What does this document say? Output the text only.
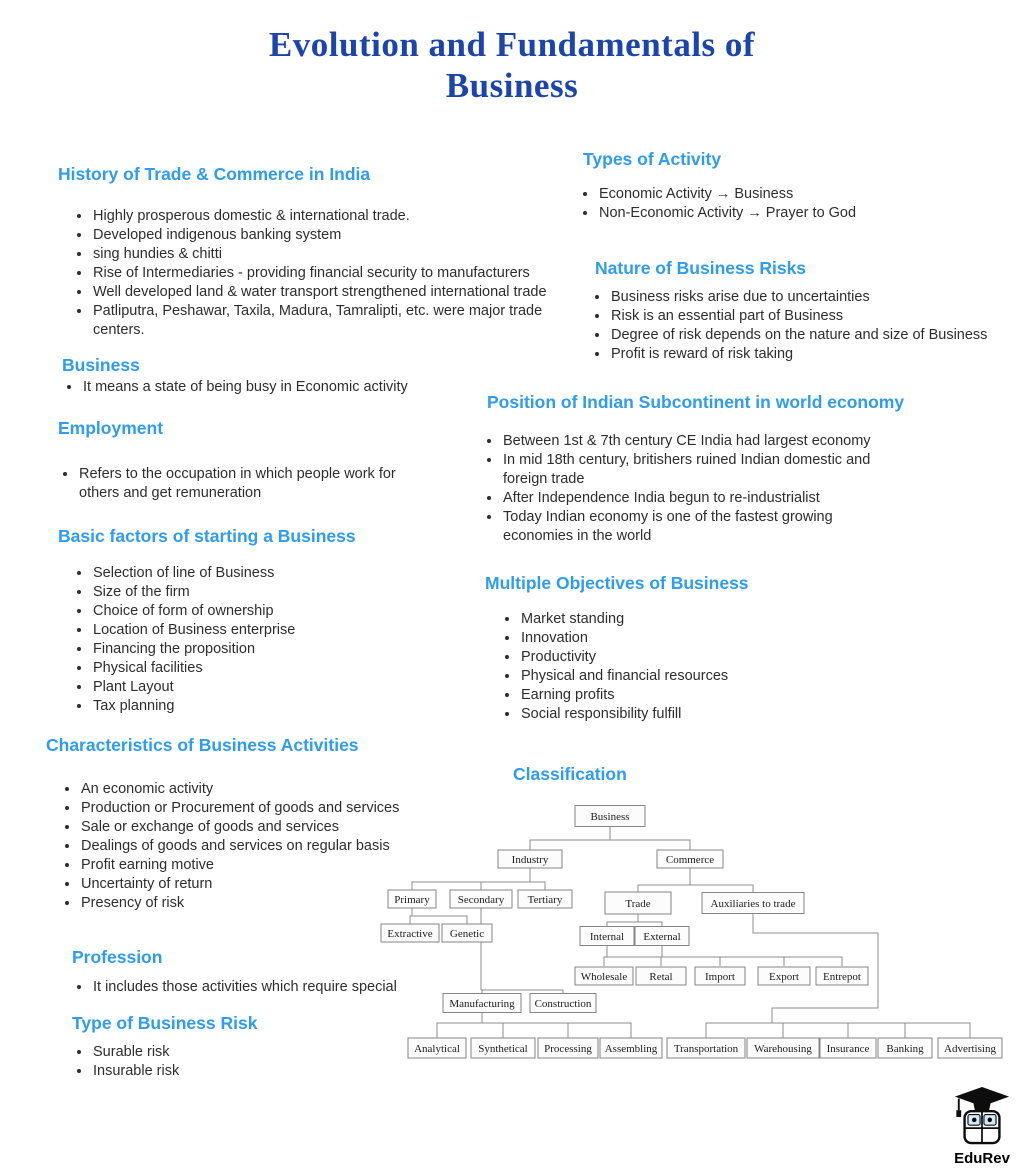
Evolution and Fundamentals of
Business
History of Trade & Commerce in India
• Highly prosperous domestic & international trade.
• Developed indigenous banking system
• sing hundies & chitti
• Rise of Intermediaries - providing financial security to manufacturers
• Well developed land & water transport strengthened international trade
• Patliputra, Peshawar, Taxila, Madura, Tamralipti, etc. were major trade centers.
Business
• It means a state of being busy in Economic activity
Employment
• Refers to the occupation in which people work for others and get remuneration
Basic factors of starting a Business
• Selection of line of Business
• Size of the firm
• Choice of form of ownership
• Location of Business enterprise
• Financing the proposition
• Physical facilities
• Plant Layout
• Tax planning
Characteristics of Business Activities
• An economic activity
• Production or Procurement of goods and services
• Sale or exchange of goods and services
• Dealings of goods and services on regular basis
• Profit earning motive
• Uncertainty of return
• Presency of risk
Profession
• It includes those activities which require special
Type of Business Risk
• Surable risk
• Insurable risk
Types of Activity
• Economic Activity → Business
• Non-Economic Activity → Prayer to God
Nature of Business Risks
• Business risks arise due to uncertainties
• Risk is an essential part of Business
• Degree of risk depends on the nature and size of Business
• Profit is reward of risk taking
Position of Indian Subcontinent in world economy
• Between 1st & 7th century CE India had largest economy
• In mid 18th century, britishers ruined Indian domestic and foreign trade
• After Independence India begun to re-industrialist
• Today Indian economy is one of the fastest growing economies in the world
Multiple Objectives of Business
• Market standing
• Innovation
• Productivity
• Physical and financial resources
• Earning profits
• Social responsibility fulfill
Classification
Business
Industry	Commerce
Primary	Secondary Tertiary	Trade	Auxiliaries to trade
Extractive Genetic	Internal External
Wholesale Retal	Import	Export Entrepot
Manufacturing Construction
Analytical Synthetical Processing Assembling Transportation Warehousing Insurance Banking Advertising
EduRev
